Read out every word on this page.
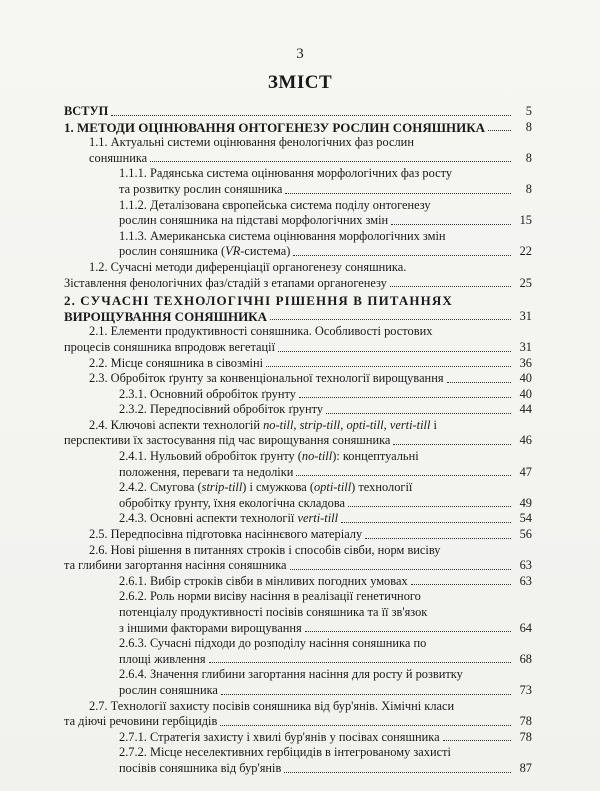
3
ЗМІСТ
ВСТУП	5
1. МЕТОДИ ОЦІНЮВАННЯ ОНТОГЕНЕЗУ РОСЛИН СОНЯШНИКА	8
1.1. Актуальні системи оцінювання фенологічних фаз рослин
соняшника	8
1.1.1. Радянська система оцінювання морфологічних фаз росту
та розвитку рослин соняшника	8
1.1.2. Деталізована європейська система поділу онтогенезу
рослин соняшника на підставі морфологічних змін	15
1.1.3. Американська система оцінювання морфологічних змін
рослин соняшника (VR-система)	22
1.2. Сучасні методи диференціації органогенезу соняшника.
Зіставлення фенологічних фаз/стадій з етапами органогенезу	25
2. СУЧАСНІ ТЕХНОЛОГІЧНІ РІШЕННЯ В ПИТАННЯХ
ВИРОЩУВАННЯ СОНЯШНИКА	31
2.1. Елементи продуктивності соняшника. Особливості ростових
процесів соняшника впродовж вегетації	31
2.2. Місце соняшника в сівозміні	36
2.3. Обробіток ґрунту за конвенціональної технології вирощування	40
2.3.1. Основний обробіток ґрунту	40
2.3.2. Передпосівний обробіток ґрунту	44
2.4. Ключові аспекти технологій no-till, strip-till, opti-till, verti-till і
перспективи їх застосування під час вирощування соняшника	46
2.4.1. Нульовий обробіток ґрунту (no-till): концептуальні
положення, переваги та недоліки	47
2.4.2. Смугова (strip-till) і смужкова (opti-till) технології
обробітку ґрунту, їхня екологічна складова	49
2.4.3. Основні аспекти технології verti-till	54
2.5. Передпосівна підготовка насіннєвого матеріалу	56
2.6. Нові рішення в питаннях строків і способів сівби, норм висіву
та глибини загортання насіння соняшника	63
2.6.1. Вибір строків сівби в мінливих погодних умовах	63
2.6.2. Роль норми висіву насіння в реалізації генетичного
потенціалу продуктивності посівів соняшника та її зв'язок
з іншими факторами вирощування	64
2.6.3. Сучасні підходи до розподілу насіння соняшника по
площі живлення	68
2.6.4. Значення глибини загортання насіння для росту й розвитку
рослин соняшника	73
2.7. Технології захисту посівів соняшника від бур'янів. Хімічні класи
та діючі речовини гербіцидів	78
2.7.1. Стратегія захисту і хвилі бур'янів у посівах соняшника	78
2.7.2. Місце неселективних гербіцидів в інтегрованому захисті
посівів соняшника від бур'янів	87
